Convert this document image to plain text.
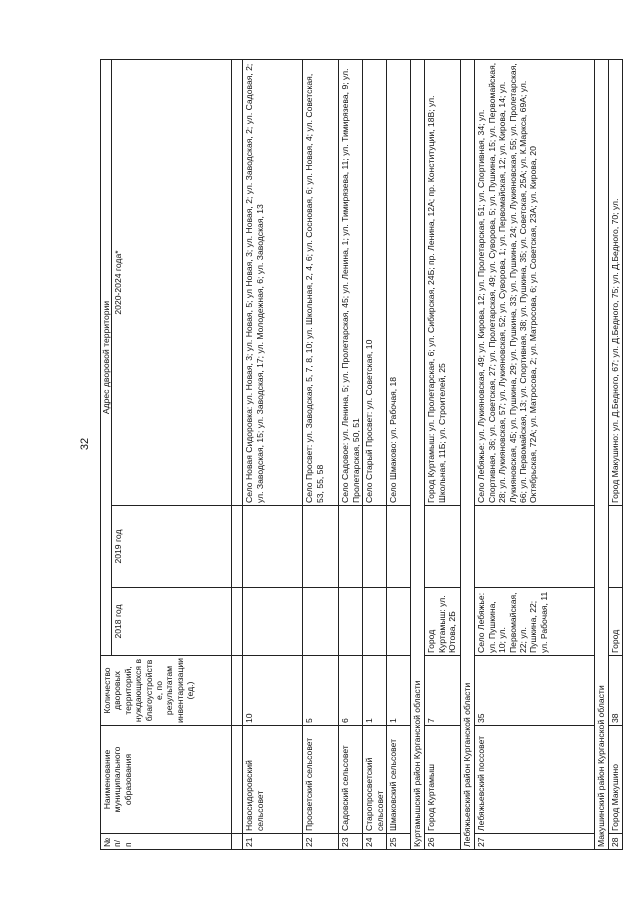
32
№ п/п	Наименование муниципального образования	Количество дворовых территорий, нуждающихся в благоустройстве, по результатам инвентаризации (ед.)	Адрес дворовой территории		
			2018 год	2019 год	2020-2024 года*

21	Новосидоровский сельсовет	10			Село Новая Сидоровка: ул. Новая, 3; ул. Новая, 5; ул Новая, 3; ул. Новая, 2; ул. Заводская, 2; ул. Садовая, 2; ул. Заводская, 15; ул. Заводская, 17; ул. Молодежная, 6; ул. Заводская, 13
22	Просветский сельсовет	5			Село Просвет: ул. Заводская, 5, 7, 8, 10; ул. Школьная, 2, 4, 6; ул. Сосновая, 6; ул. Новая, 4; ул. Советская, 53, 55, 58
23	Садовский сельсовет	6			Село Садовое: ул. Ленина, 5; ул. Пролетарская, 45; ул. Ленина, 1; ул. Тимирязева, 11; ул. Тимирязева, 9; ул. Пролетарская, 50, 51
24	Старопросветский сельсовет	1			Село Старый Просвет: ул. Советская, 10
25	Шмаковский сельсовет	1			Село Шмаково: ул. Рабочая, 18
Куртамышский район Курганской области					
26	Город Куртамыш	7	Город Куртамыш: ул. Ютова, 2Б		Город Куртамыш: ул. Пролетарская, 6; ул. Сибирская, 24Б; пр. Ленина, 12А; пр. Конституции, 18В; ул. Школьная, 11Б; ул. Строителей, 25
Лебяжьевский район Курганской области					
27	Лебяжьевский поссовет	35	Село Лебяжье: ул. Пушкина, 10; ул. Первомайская, 22; ул. Пушкина, 22; ул. Рабочая, 11		Село Лебяжье: ул. Лукияновская, 49; ул. Кирова, 12; ул. Пролетарская, 51; ул. Спортивная, 34; ул. Спортивная, 36; ул. Советская, 27; ул. Пролетарская, 49; ул. Суворова, 5; ул. Пушкина, 15; ул. Первомайская, 28; ул. Лукияновская, 57; ул. Лукияновская, 52; ул. Суворова, 1; ул. Первомайская, 12; ул. Кирова, 14; ул. Лукияновская, 45; ул. Пушкина, 29; ул. Пушкина, 33; ул. Пушкина, 24; ул. Лукияновская, 55; ул. Пролетарская, 66; ул. Первомайская, 13; ул. Спортивная, 38; ул. Пушкина, 35; ул. Советская, 25А; ул. К.Маркса, 69А; ул. Октябрьская, 72А; ул. Матросова, 2; ул. Матросова, 6; ул. Советская, 23А; ул. Кирова, 20
Макушинский район Курганской области					
28	Город Макушино	38	Город		Город Макушино: ул. Д.Бедного, 67; ул. Д.Бедного, 75; ул. Д.Бедного, 70; ул.
